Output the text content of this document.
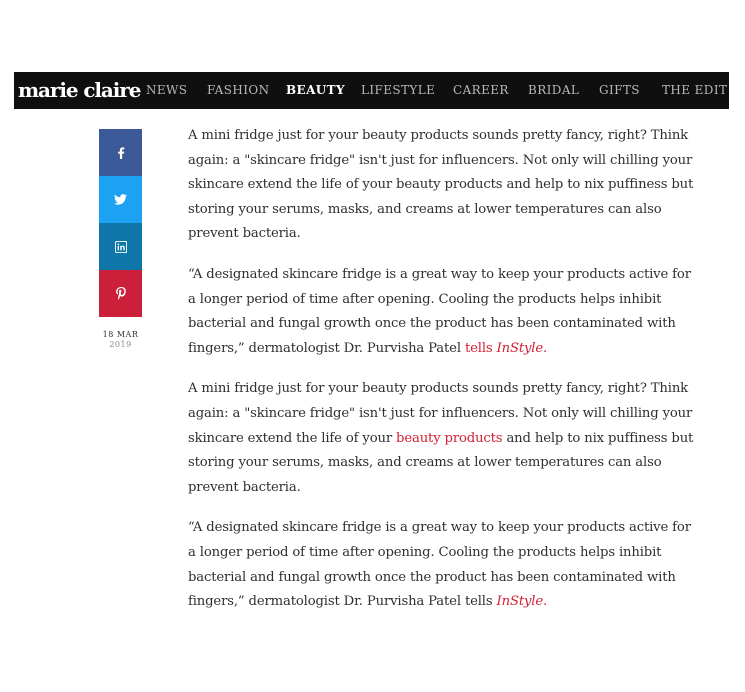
marie claire NEWS FASHION BEAUTY LIFESTYLE CAREER BRIDAL GIFTS THE EDIT
18 MAR
2019

A mini fridge just for your beauty products sounds pretty fancy, right? Think again: a "skincare fridge" isn't just for influencers. Not only will chilling your skincare extend the life of your beauty products and help to nix puffiness but storing your serums, masks, and creams at lower temperatures can also prevent bacteria.

“A designated skincare fridge is a great way to keep your products active for a longer period of time after opening. Cooling the products helps inhibit bacterial and fungal growth once the product has been contaminated with fingers,” dermatologist Dr. Purvisha Patel tells InStyle.

A mini fridge just for your beauty products sounds pretty fancy, right? Think again: a "skincare fridge" isn't just for influencers. Not only will chilling your skincare extend the life of your beauty products and help to nix puffiness but storing your serums, masks, and creams at lower temperatures can also prevent bacteria.

“A designated skincare fridge is a great way to keep your products active for a longer period of time after opening. Cooling the products helps inhibit bacterial and fungal growth once the product has been contaminated with fingers,” dermatologist Dr. Purvisha Patel tells InStyle.
